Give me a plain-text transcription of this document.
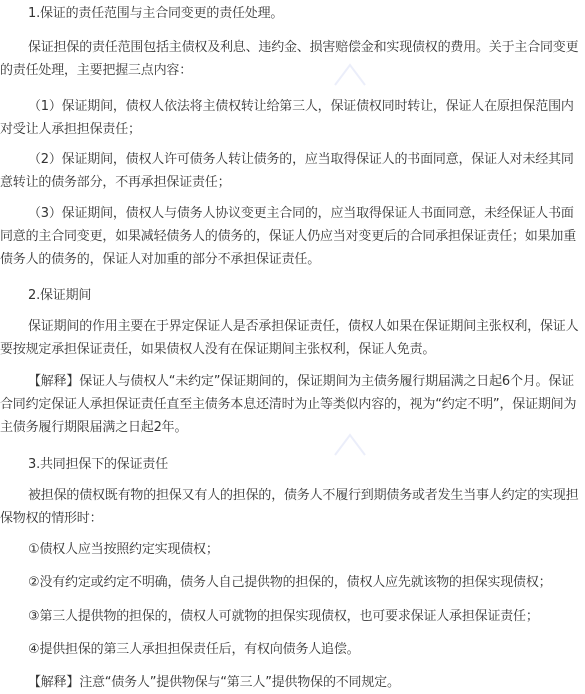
1.保证的责任范围与主合同变更的责任处理。
保证担保的责任范围包括主债权及利息、违约金、损害赔偿金和实现债权的费用。关于主合同变更的责任处理，主要把握三点内容：
（1）保证期间，债权人依法将主债权转让给第三人，保证债权同时转让，保证人在原担保范围内对受让人承担担保责任；
（2）保证期间，债权人许可债务人转让债务的，应当取得保证人的书面同意，保证人对未经其同意转让的债务部分，不再承担保证责任；
（3）保证期间，债权人与债务人协议变更主合同的，应当取得保证人书面同意，未经保证人书面同意的主合同变更，如果减轻债务人的债务的，保证人仍应当对变更后的合同承担保证责任；如果加重债务人的债务的，保证人对加重的部分不承担保证责任。
2.保证期间
保证期间的作用主要在于界定保证人是否承担保证责任，债权人如果在保证期间主张权利，保证人要按规定承担保证责任，如果债权人没有在保证期间主张权利，保证人免责。
【解释】保证人与债权人“未约定”保证期间的，保证期间为主债务履行期届满之日起6个月。保证合同约定保证人承担保证责任直至主债务本息还清时为止等类似内容的，视为“约定不明”，保证期间为主债务履行期限届满之日起2年。
3.共同担保下的保证责任
被担保的债权既有物的担保又有人的担保的，债务人不履行到期债务或者发生当事人约定的实现担保物权的情形时：
①债权人应当按照约定实现债权；
②没有约定或约定不明确，债务人自己提供物的担保的，债权人应先就该物的担保实现债权；
③第三人提供物的担保的，债权人可就物的担保实现债权，也可要求保证人承担保证责任；
④提供担保的第三人承担担保责任后，有权向债务人追偿。
【解释】注意“债务人”提供物保与“第三人”提供物保的不同规定。
